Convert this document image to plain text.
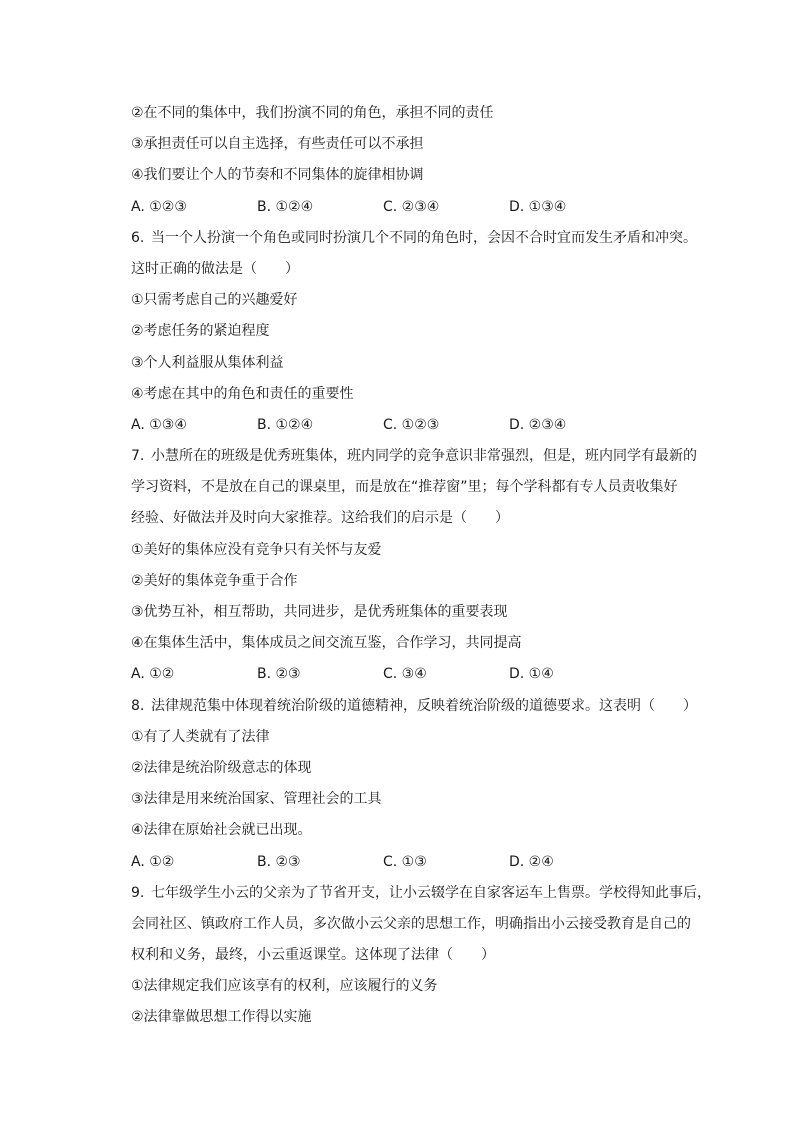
②在不同的集体中，我们扮演不同的角色，承担不同的责任
③承担责任可以自主选择，有些责任可以不承担
④我们要让个人的节奏和不同集体的旋律相协调
A. ①②③	B. ①②④	C. ②③④	D. ①③④
6. 当一个人扮演一个角色或同时扮演几个不同的角色时，会因不合时宜而发生矛盾和冲突。
这时正确的做法是（　　）
①只需考虑自己的兴趣爱好
②考虑任务的紧迫程度
③个人利益服从集体利益
④考虑在其中的角色和责任的重要性
A. ①③④	B. ①②④	C. ①②③	D. ②③④
7. 小慧所在的班级是优秀班集体，班内同学的竞争意识非常强烈，但是，班内同学有最新的
学习资料，不是放在自己的课桌里，而是放在“推荐窗”里；每个学科都有专人员责收集好
经验、好做法并及时向大家推荐。这给我们的启示是（　　）
①美好的集体应没有竞争只有关怀与友爱
②美好的集体竞争重于合作
③优势互补，相互帮助，共同进步，是优秀班集体的重要表现
④在集体生活中，集体成员之间交流互鉴，合作学习，共同提高
A. ①②	B. ②③	C. ③④	D. ①④
8. 法律规范集中体现着统治阶级的道德精神，反映着统治阶级的道德要求。这表明（　　）
①有了人类就有了法律
②法律是统治阶级意志的体现
③法律是用来统治国家、管理社会的工具
④法律在原始社会就已出现。
A. ①②	B. ②③	C. ①③	D. ②④
9. 七年级学生小云的父亲为了节省开支，让小云辍学在自家客运车上售票。学校得知此事后，
会同社区、镇政府工作人员，多次做小云父亲的思想工作，明确指出小云接受教育是自己的
权利和义务，最终，小云重返课堂。这体现了法律（　　）
①法律规定我们应该享有的权利，应该履行的义务
②法律靠做思想工作得以实施
